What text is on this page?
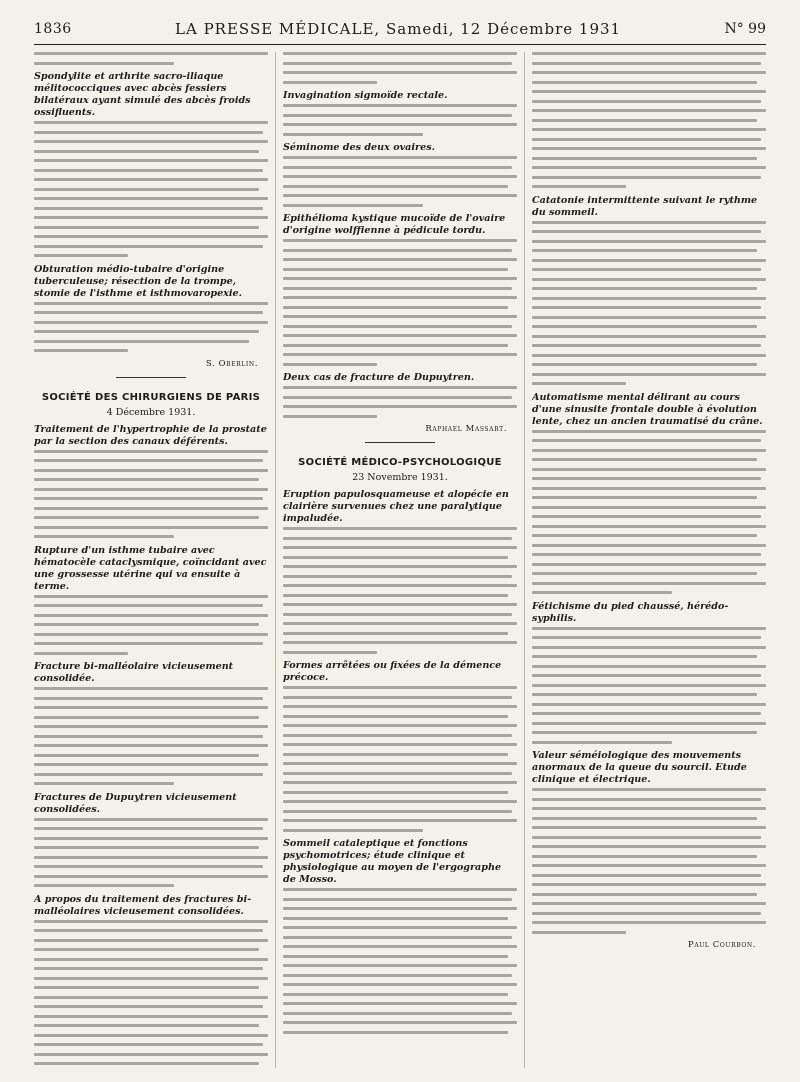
1836	LA PRESSE MÉDICALE, Samedi, 12 Décembre 1931	N° 99
Spondylite et arthrite sacro-iliaque mélitococciques avec abcès fessiers bilatéraux ayant simulé des abcès froids ossifluents.
Obturation médio-tubaire d'origine tuberculeuse; résection de la trompe, stomie de l'isthme et isthmovaropexie.
S. Oberlin.
SOCIÉTÉ DES CHIRURGIENS DE PARIS
4 Décembre 1931.
Traitement de l'hypertrophie de la prostate par la section des canaux déférents.
Rupture d'un isthme tubaire avec hématocèle cataclysmique, coïncidant avec une grossesse utérine qui va ensuite à terme.
Fracture bi-malléolaire vicieusement consolidée.
Fractures de Dupuytren vicieusement consolidées.
A propos du traitement des fractures bi-malléolaires vicieusement consolidées.
Invagination sigmoïde rectale.
Séminome des deux ovaires.
Epithélioma kystique mucoïde de l'ovaire d'origine wolffienne à pédicule tordu.
Deux cas de fracture de Dupuytren.
Raphael Massart.
SOCIÉTÉ MÉDICO-PSYCHOLOGIQUE
23 Novembre 1931.
Eruption papulosquameuse et alopécie en clairière survenues chez une paralytique impaludée.
Formes arrêtées ou fixées de la démence précoce.
Sommeil cataleptique et fonctions psychomotrices; étude clinique et physiologique au moyen de l'ergographe de Mosso.
Catatonie intermittente suivant le rythme du sommeil.
Automatisme mental délirant au cours d'une sinusite frontale double à évolution lente, chez un ancien traumatisé du crâne.
Fétichisme du pied chaussé, hérédo-syphilis.
Valeur séméiologique des mouvements anormaux de la queue du sourcil. Etude clinique et électrique.
Paul Courbon.
